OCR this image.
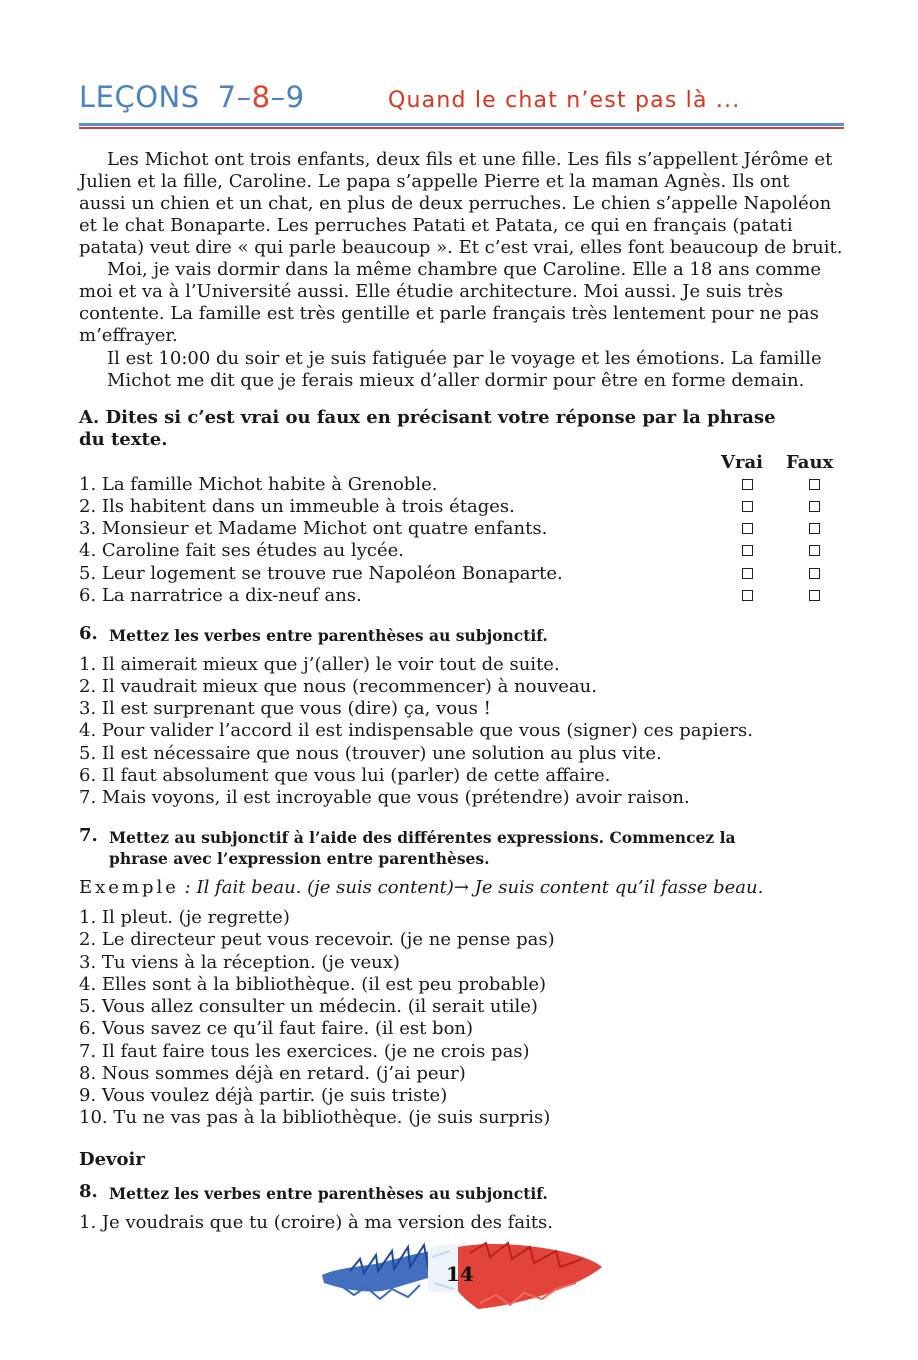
LEÇONS 7–8–9	Quand le chat n’est pas là ...
Les Michot ont trois enfants, deux fils et une fille. Les fils s’appellent Jérôme et
Julien et la fille, Caroline. Le papa s’appelle Pierre et la maman Agnès. Ils ont
aussi un chien et un chat, en plus de deux perruches. Le chien s’appelle Napoléon
et le chat Bonaparte. Les perruches Patati et Patata, ce qui en français (patati
patata) veut dire « qui parle beaucoup ». Et c’est vrai, elles font beaucoup de bruit.
Moi, je vais dormir dans la même chambre que Caroline. Elle a 18 ans comme
moi et va à l’Université aussi. Elle étudie architecture. Moi aussi. Je suis très
contente. La famille est très gentille et parle français très lentement pour ne pas
m’effrayer.
Il est 10:00 du soir et je suis fatiguée par le voyage et les émotions. La famille
Michot me dit que je ferais mieux d’aller dormir pour être en forme demain.
A. Dites si c’est vrai ou faux en précisant votre réponse par la phrase
du texte.
Vrai Faux
1. La famille Michot habite à Grenoble.
2. Ils habitent dans un immeuble à trois étages.
3. Monsieur et Madame Michot ont quatre enfants.
4. Caroline fait ses études au lycée.
5. Leur logement se trouve rue Napoléon Bonaparte.
6. La narratrice a dix-neuf ans.
6. Mettez les verbes entre parenthèses au subjonctif.
1. Il aimerait mieux que j’(aller) le voir tout de suite.
2. Il vaudrait mieux que nous (recommencer) à nouveau.
3. Il est surprenant que vous (dire) ça, vous !
4. Pour valider l’accord il est indispensable que vous (signer) ces papiers.
5. Il est nécessaire que nous (trouver) une solution au plus vite.
6. Il faut absolument que vous lui (parler) de cette affaire.
7. Mais voyons, il est incroyable que vous (prétendre) avoir raison.
7. Mettez au subjonctif à l’aide des différentes expressions. Commencez la
phrase avec l’expression entre parenthèses.
Exemple : Il fait beau. (je suis content)→ Je suis content qu’il fasse beau.
1. Il pleut. (je regrette)
2. Le directeur peut vous recevoir. (je ne pense pas)
3. Tu viens à la réception. (je veux)
4. Elles sont à la bibliothèque. (il est peu probable)
5. Vous allez consulter un médecin. (il serait utile)
6. Vous savez ce qu’il faut faire. (il est bon)
7. Il faut faire tous les exercices. (je ne crois pas)
8. Nous sommes déjà en retard. (j’ai peur)
9. Vous voulez déjà partir. (je suis triste)
10. Tu ne vas pas à la bibliothèque. (je suis surpris)
Devoir
8. Mettez les verbes entre parenthèses au subjonctif.
1. Je voudrais que tu (croire) à ma version des faits.
14
